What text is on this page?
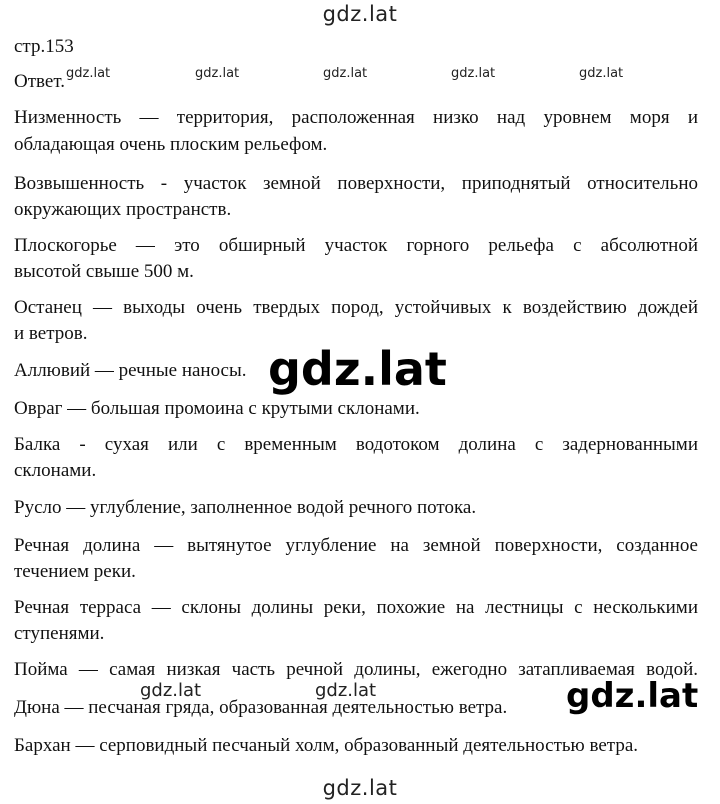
gdz.lat
стр.153
Ответ. gdz.lat	gdz.lat	gdz.lat	gdz.lat	gdz.lat
Низменность — территория, расположенная низко над уровнем моря и
обладающая очень плоским рельефом.
Возвышенность - участок земной поверхности, приподнятый относительно
окружающих пространств.
Плоскогорье — это обширный участок горного рельефа с абсолютной
высотой свыше 500 м.
Останец — выходы очень твердых пород, устойчивых к воздействию дождей
и ветров.
Аллювий — речные наносы.
Овраг — большая промоина с крутыми склонами.
Балка - сухая или с временным водотоком долина с задернованными
склонами.
Русло — углубление, заполненное водой речного потока.
Речная долина — вытянутое углубление на земной поверхности, созданное
течением реки.
Речная терраса — склоны долины реки, похожие на лестницы с несколькими
ступенями.
Пойма — самая низкая часть речной долины, ежегодно затапливаемая водой.
Дюна — песчаная гряда, образованная деятельностью ветра.
Бархан — серповидный песчаный холм, образованный деятельностью ветра.
gdz.lat
gdz.lat	gdz.lat	gdz.lat
gdz.lat
